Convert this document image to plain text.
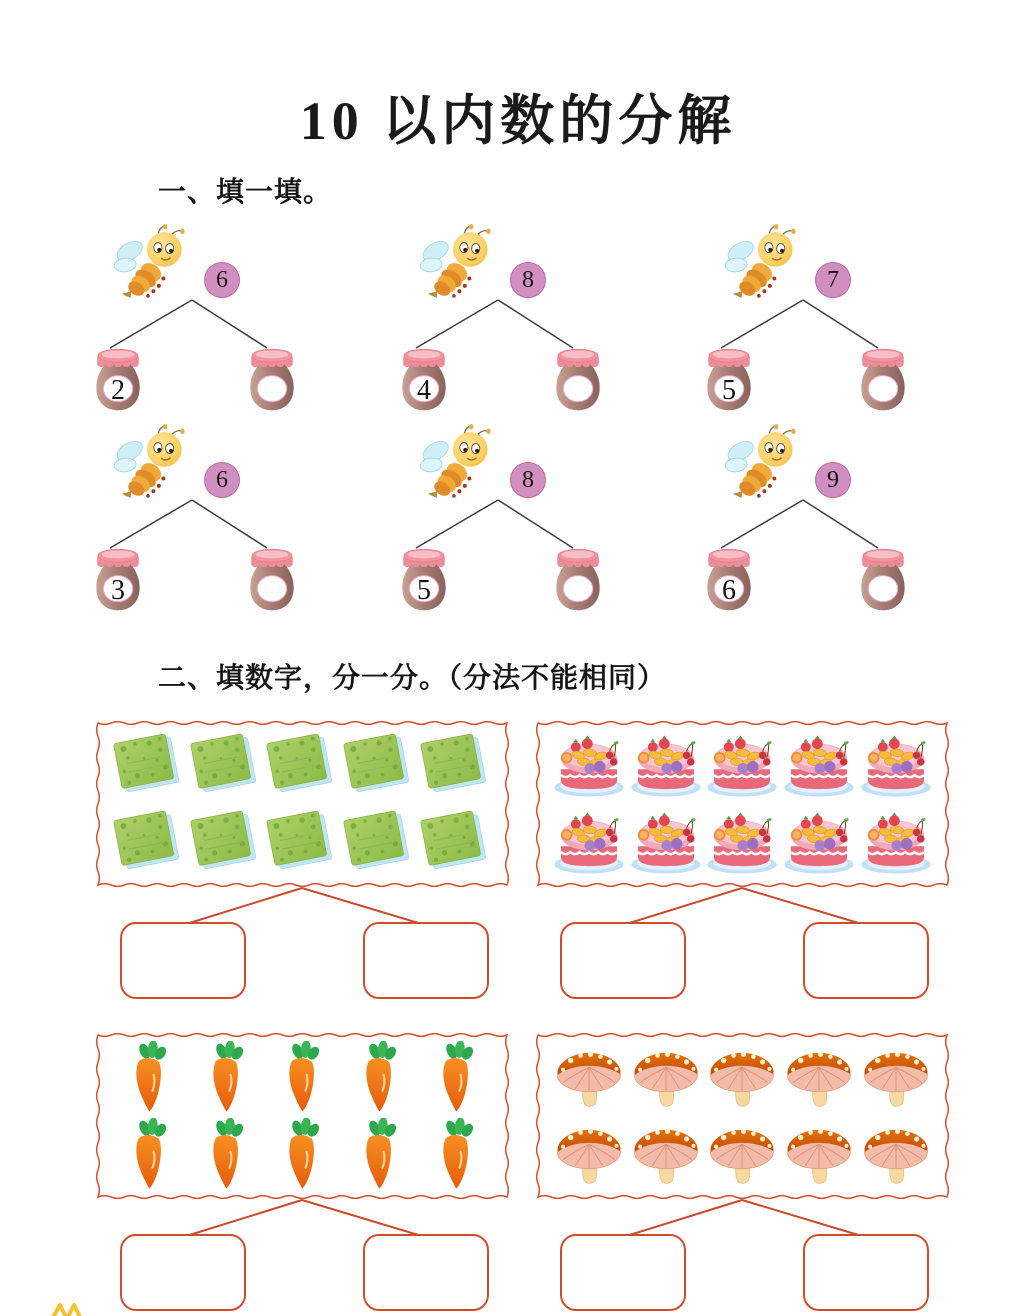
10 以内数的分解
一、填一填。
6
2
8
4
7
5
6
3
8
5
9
6
二、填数字，分一分。（分法不能相同）
